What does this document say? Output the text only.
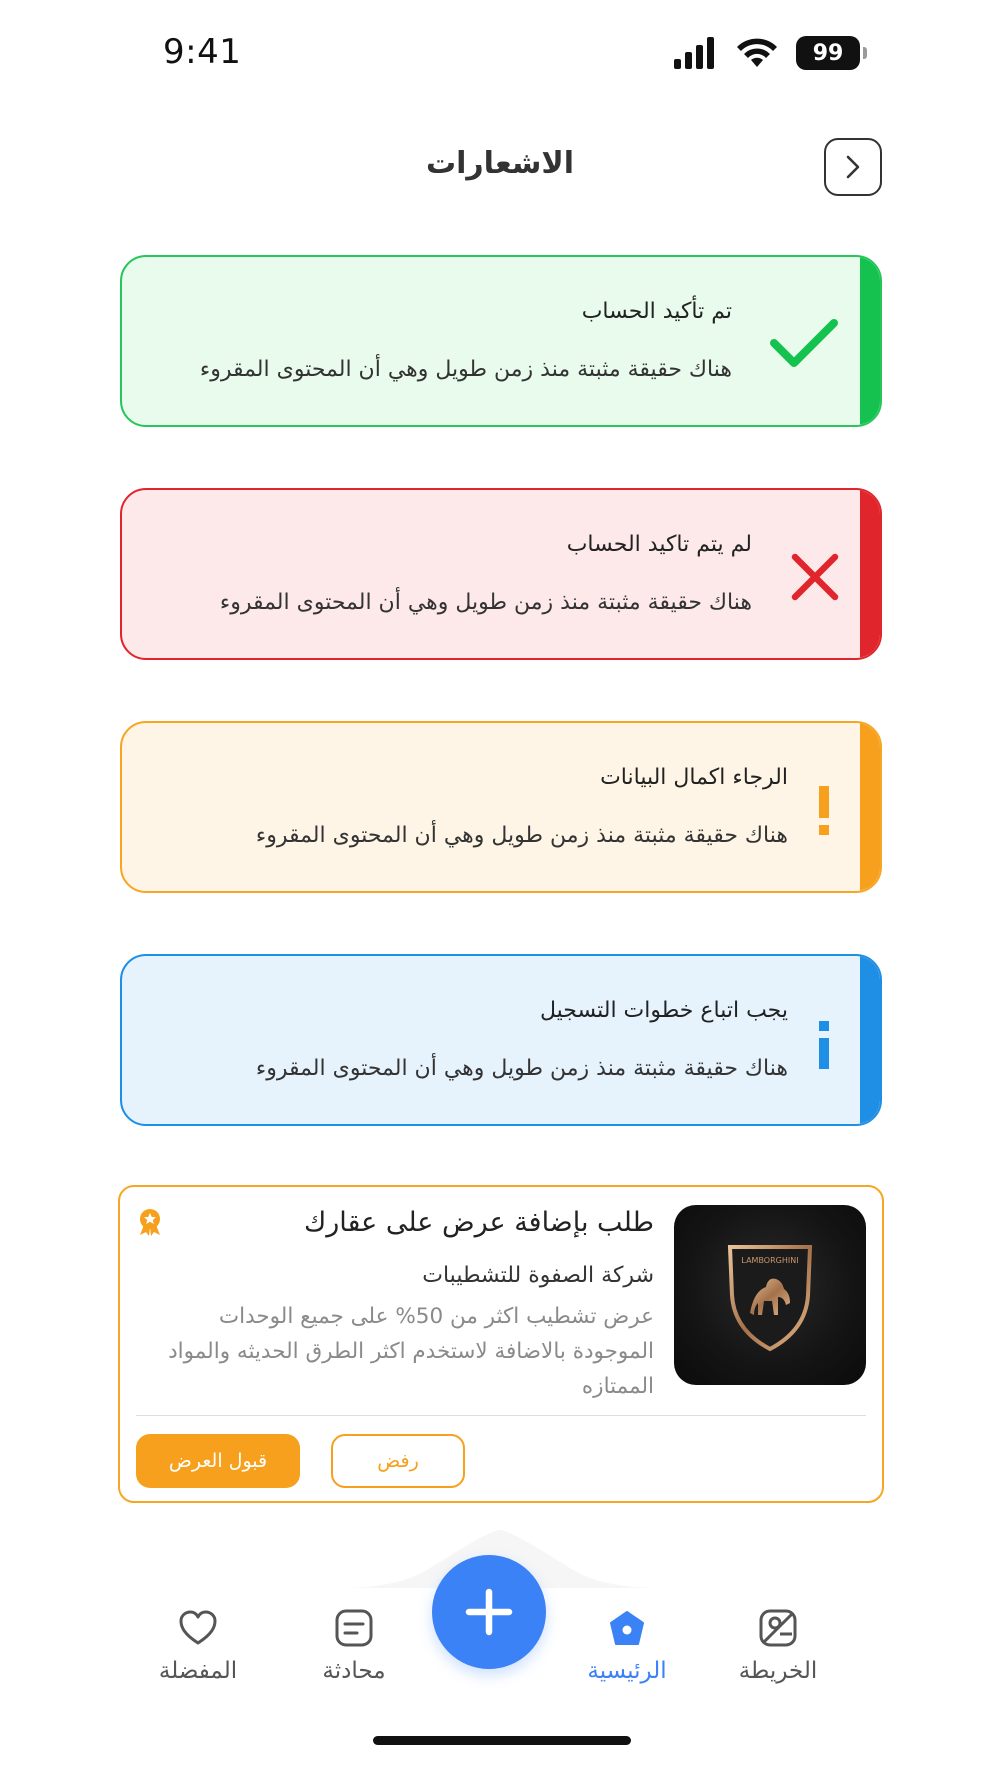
9:41	99
الاشعارات
تم تأكيد الحساب
هناك حقيقة مثبتة منذ زمن طويل وهي أن المحتوى المقروء
لم يتم تاكيد الحساب
هناك حقيقة مثبتة منذ زمن طويل وهي أن المحتوى المقروء
الرجاء اكمال البيانات
هناك حقيقة مثبتة منذ زمن طويل وهي أن المحتوى المقروء
يجب اتباع خطوات التسجيل
هناك حقيقة مثبتة منذ زمن طويل وهي أن المحتوى المقروء
LAMBORGHINI
طلب بإضافة عرض على عقارك
شركة الصفوة للتشطيبات
عرض تشطيب اكثر من 50% على جميع الوحدات الموجودة بالاضافة لاستخدم اكثر الطرق الحديثه والمواد الممتازه
رفض
قبول العرض
الخريطة
الرئيسية
محادثة
المفضلة
